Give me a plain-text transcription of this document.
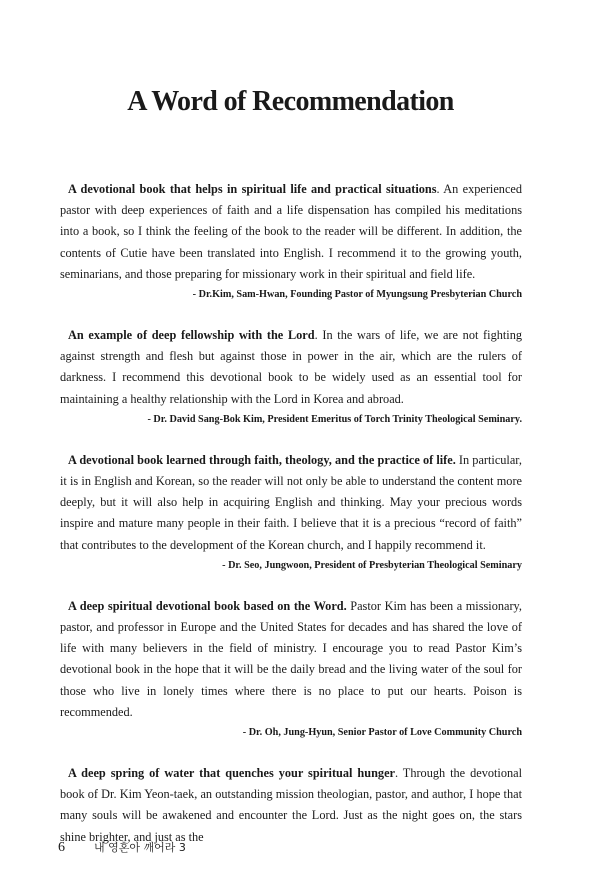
A Word of Recommendation

A devotional book that helps in spiritual life and practical situations. An experienced pastor with deep experiences of faith and a life dispensation has compiled his meditations into a book, so I think the feeling of the book to the reader will be different. In addition, the contents of Cutie have been translated into English. I recommend it to the growing youth, seminarians, and those preparing for missionary work in their spiritual and field life.

- Dr.Kim, Sam-Hwan, Founding Pastor of Myungsung Presbyterian Church

An example of deep fellowship with the Lord. In the wars of life, we are not fighting against strength and flesh but against those in power in the air, which are the rulers of darkness. I recommend this devotional book to be widely used as an essential tool for maintaining a healthy relationship with the Lord in Korea and abroad.

- Dr. David Sang-Bok Kim, President Emeritus of Torch Trinity Theological Seminary.

A devotional book learned through faith, theology, and the practice of life. In particular, it is in English and Korean, so the reader will not only be able to understand the content more deeply, but it will also help in acquiring English and thinking. May your precious words inspire and mature many people in their faith. I believe that it is a precious “record of faith” that contributes to the development of the Korean church, and I happily recommend it.

- Dr. Seo, Jungwoon, President of Presbyterian Theological Seminary

A deep spiritual devotional book based on the Word. Pastor Kim has been a missionary, pastor, and professor in Europe and the United States for decades and has shared the love of life with many believers in the field of ministry. I encourage you to read Pastor Kim’s devotional book in the hope that it will be the daily bread and the living water of the soul for those who live in lonely times where there is no place to put our hearts. Poison is recommended.

- Dr. Oh, Jung-Hyun, Senior Pastor of Love Community Church

A deep spring of water that quenches your spiritual hunger. Through the devotional book of Dr. Kim Yeon-taek, an outstanding mission theologian, pastor, and author, I hope that many souls will be awakened and encounter the Lord. Just as the night goes on, the stars shine brighter, and just as the

6	내 영혼아 깨어라 3
